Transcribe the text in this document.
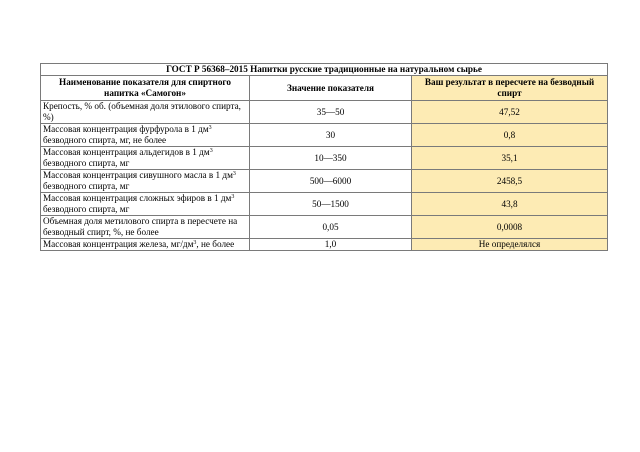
ГОСТ Р 56368–2015 Напитки русские традиционные на натуральном сырье		
Наименование показателя для спиртного напитка «Самогон»	Значение показателя	Ваш результат в пересчете на безводный спирт
Крепость, % об. (объемная доля этилового спирта, %)	35—50	47,52
Массовая концентрация фурфурола в 1 $дм^3$ безводного спирта, мг, не более	30	0,8
Массовая концентрация альдегидов в 1 $дм^3$ безводного спирта, мг	10—350	35,1
Массовая концентрация сивушного масла в 1 $дм^3$ безводного спирта, мг	500—6000	2458,5
Массовая концентрация сложных эфиров в 1 $дм^3$ безводного спирта, мг	50—1500	43,8
Объемная доля метилового спирта в пересчете на безводный спирт, %, не более	0,05	0,0008
Массовая концентрация железа, $мг/дм^3$, не более	1,0	Не определялся
